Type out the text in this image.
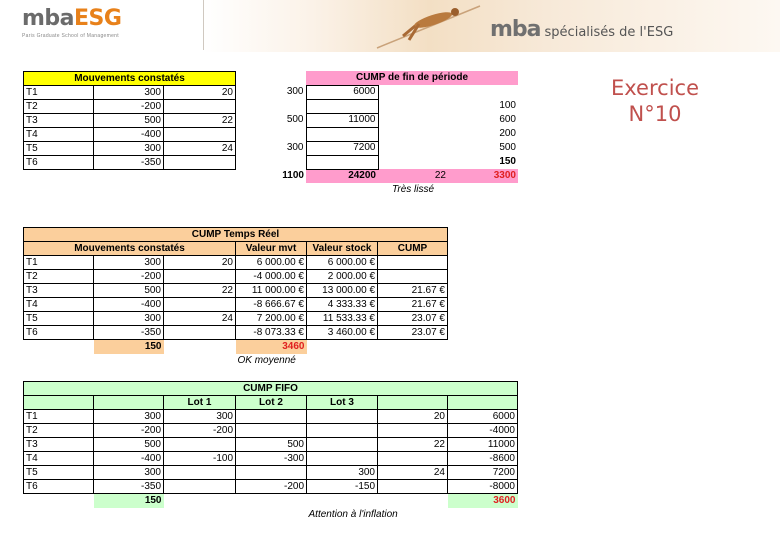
mbaESG
Paris Graduate School of Management	mba spécialisés de l'ESG
Exercice
N°10
Mouvements constatés		
T1	300	20
T2	-200	
T3	500	22
T4	-400	
T5	300	24
T6	-350	
	CUMP de fin de période		
300	6000		
			100
500	11000		600
			200
300	7200		500
			150
1100	24200	22	3300
		Très lissé	
CUMP Temps Réel					
Mouvements constatés			Valeur mvt	Valeur stock	CUMP
T1	300	20	6 000.00 €	6 000.00 €	
T2	-200		-4 000.00 €	2 000.00 €	
T3	500	22	11 000.00 €	13 000.00 €	21.67 €
T4	-400		-8 666.67 €	4 333.33 €	21.67 €
T5	300	24	7 200.00 €	11 533.33 €	23.07 €
T6	-350		-8 073.33 €	3 460.00 €	23.07 €
	150		3460		
			OK moyenné		
CUMP FIFO						
		Lot 1	Lot 2	Lot 3		
T1	300	300			20	6000
T2	-200	-200				-4000
T3	500		500		22	11000
T4	-400	-100	-300			-8600
T5	300			300	24	7200
T6	-350		-200	-150		-8000
	150					3600
				Attention à l'inflation		
